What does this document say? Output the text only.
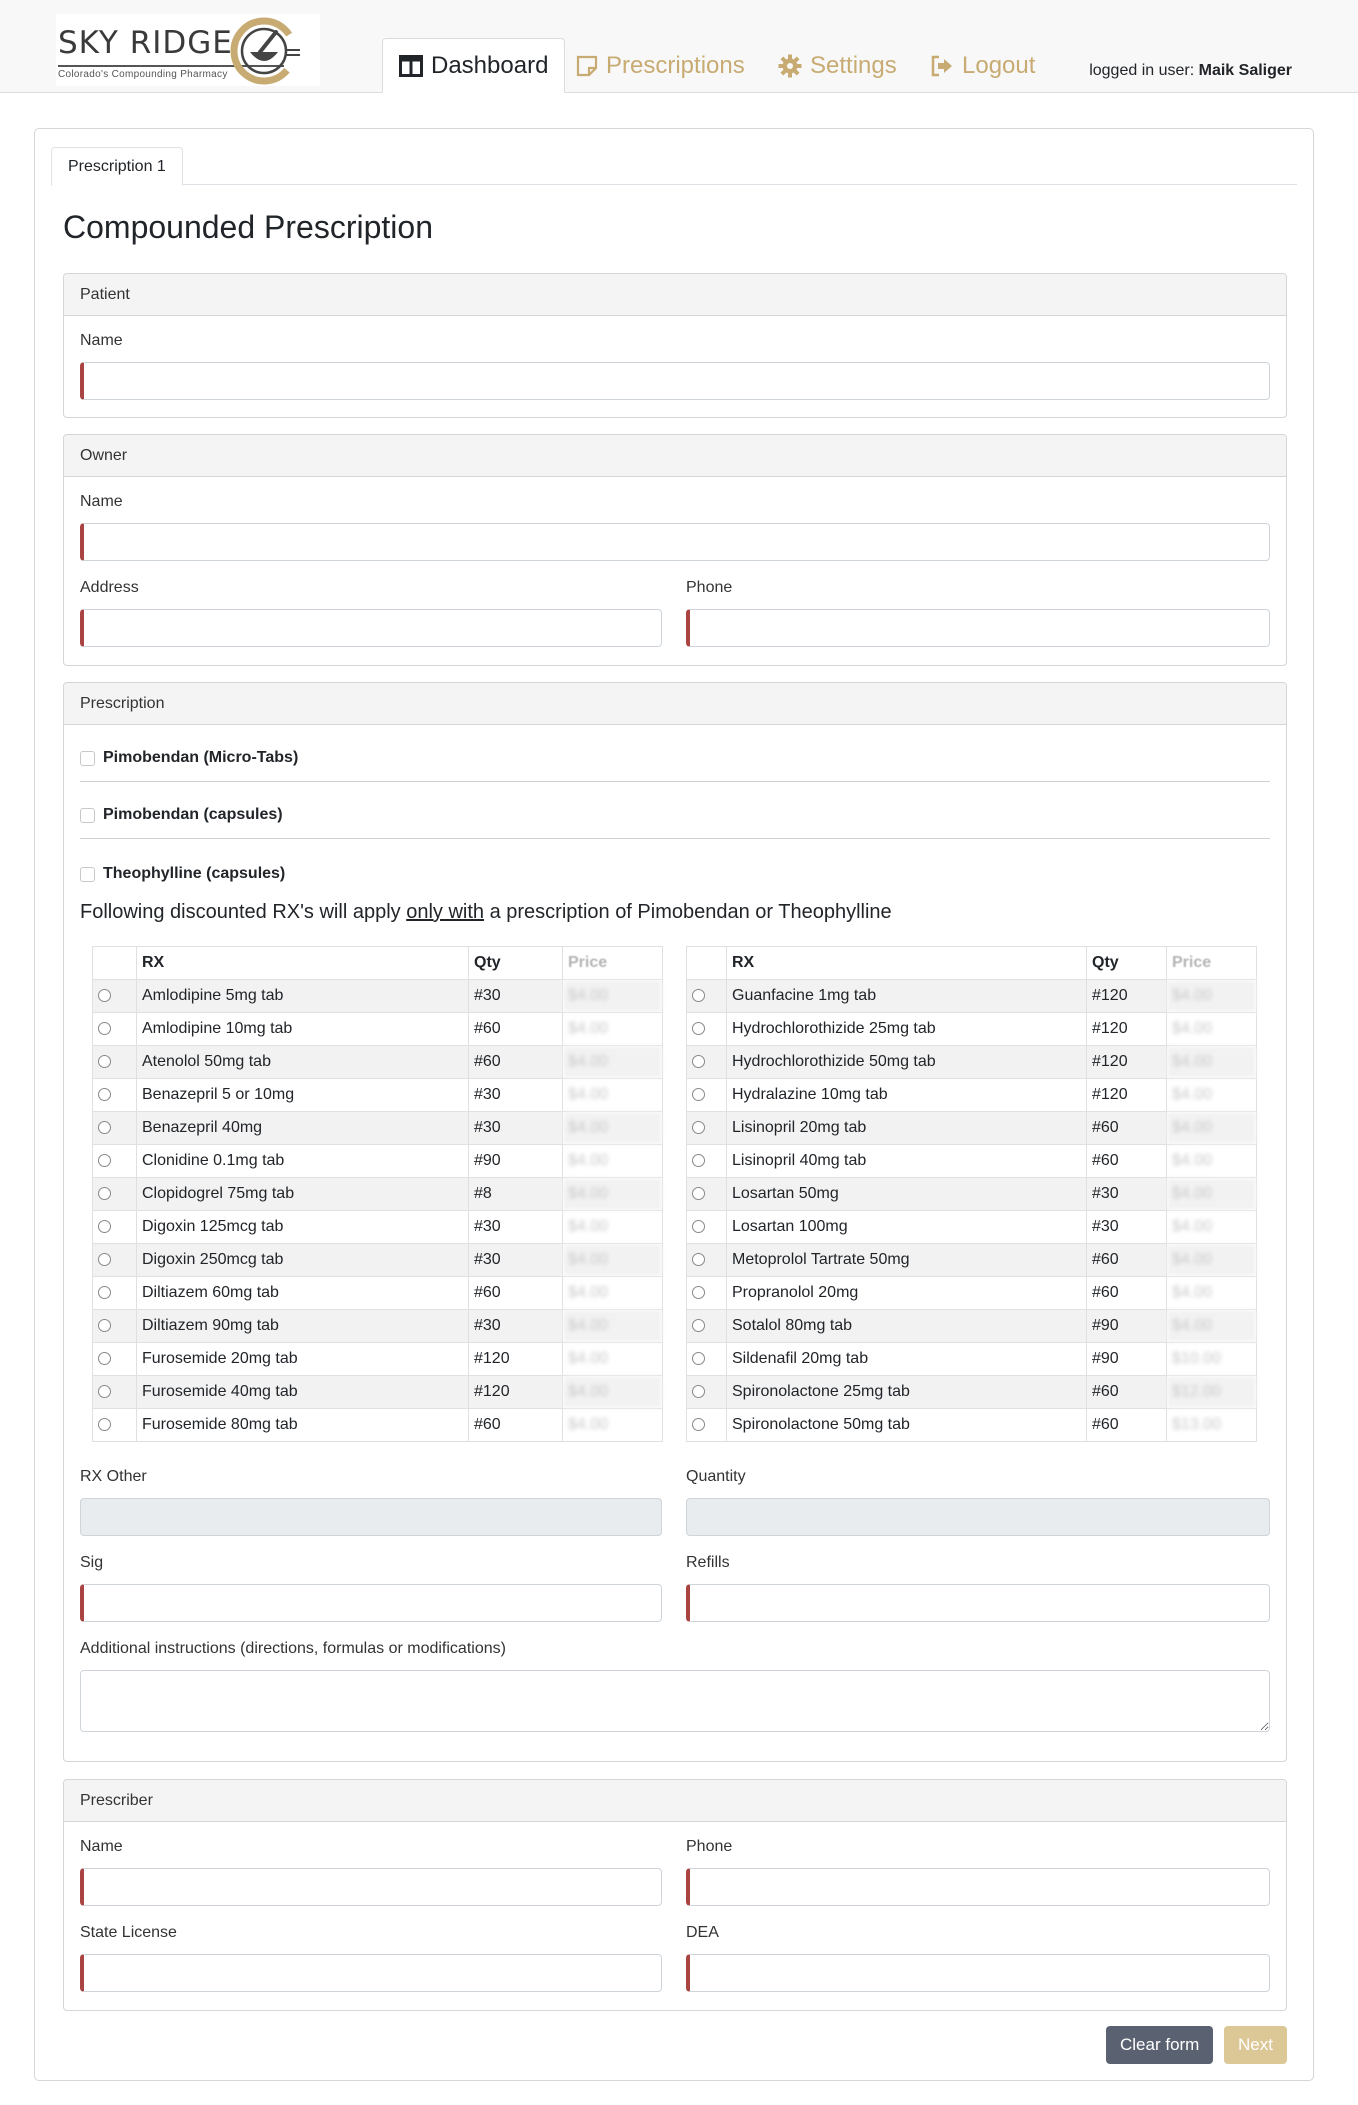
SKY RIDGE
Colorado's Compounding Pharmacy	Dashboard Prescriptions	Settings	Logout	logged in user: Maik Saliger
Prescription 1
Compounded Prescription
Patient
Name
Owner
Name
Address	Phone
Prescription
Pimobendan (Micro-Tabs)
Pimobendan (capsules)
Theophylline (capsules)
Following discounted RX's will apply only with a prescription of Pimobendan or Theophylline
	RX	Qty	Price
	Amlodipine 5mg tab	#30	$4.00
	Amlodipine 10mg tab	#60	$4.00
	Atenolol 50mg tab	#60	$4.00
	Benazepril 5 or 10mg	#30	$4.00
	Benazepril 40mg	#30	$4.00
	Clonidine 0.1mg tab	#90	$4.00
	Clopidogrel 75mg tab	#8	$4.00
	Digoxin 125mcg tab	#30	$4.00
	Digoxin 250mcg tab	#30	$4.00
	Diltiazem 60mg tab	#60	$4.00
	Diltiazem 90mg tab	#30	$4.00
	Furosemide 20mg tab	#120	$4.00
	Furosemide 40mg tab	#120	$4.00
	Furosemide 80mg tab	#60	$4.00
	RX	Qty	Price
	Guanfacine 1mg tab	#120	$4.00
	Hydrochlorothizide 25mg tab	#120	$4.00
	Hydrochlorothizide 50mg tab	#120	$4.00
	Hydralazine 10mg tab	#120	$4.00
	Lisinopril 20mg tab	#60	$4.00
	Lisinopril 40mg tab	#60	$4.00
	Losartan 50mg	#30	$4.00
	Losartan 100mg	#30	$4.00
	Metoprolol Tartrate 50mg	#60	$4.00
	Propranolol 20mg	#60	$4.00
	Sotalol 80mg tab	#90	$4.00
	Sildenafil 20mg tab	#90	$10.00
	Spironolactone 25mg tab	#60	$12.00
	Spironolactone 50mg tab	#60	$13.00
RX Other	Quantity
Sig	Refills
Additional instructions (directions, formulas or modifications)
Prescriber
Name	Phone
State License	DEA
Clear form	Next
